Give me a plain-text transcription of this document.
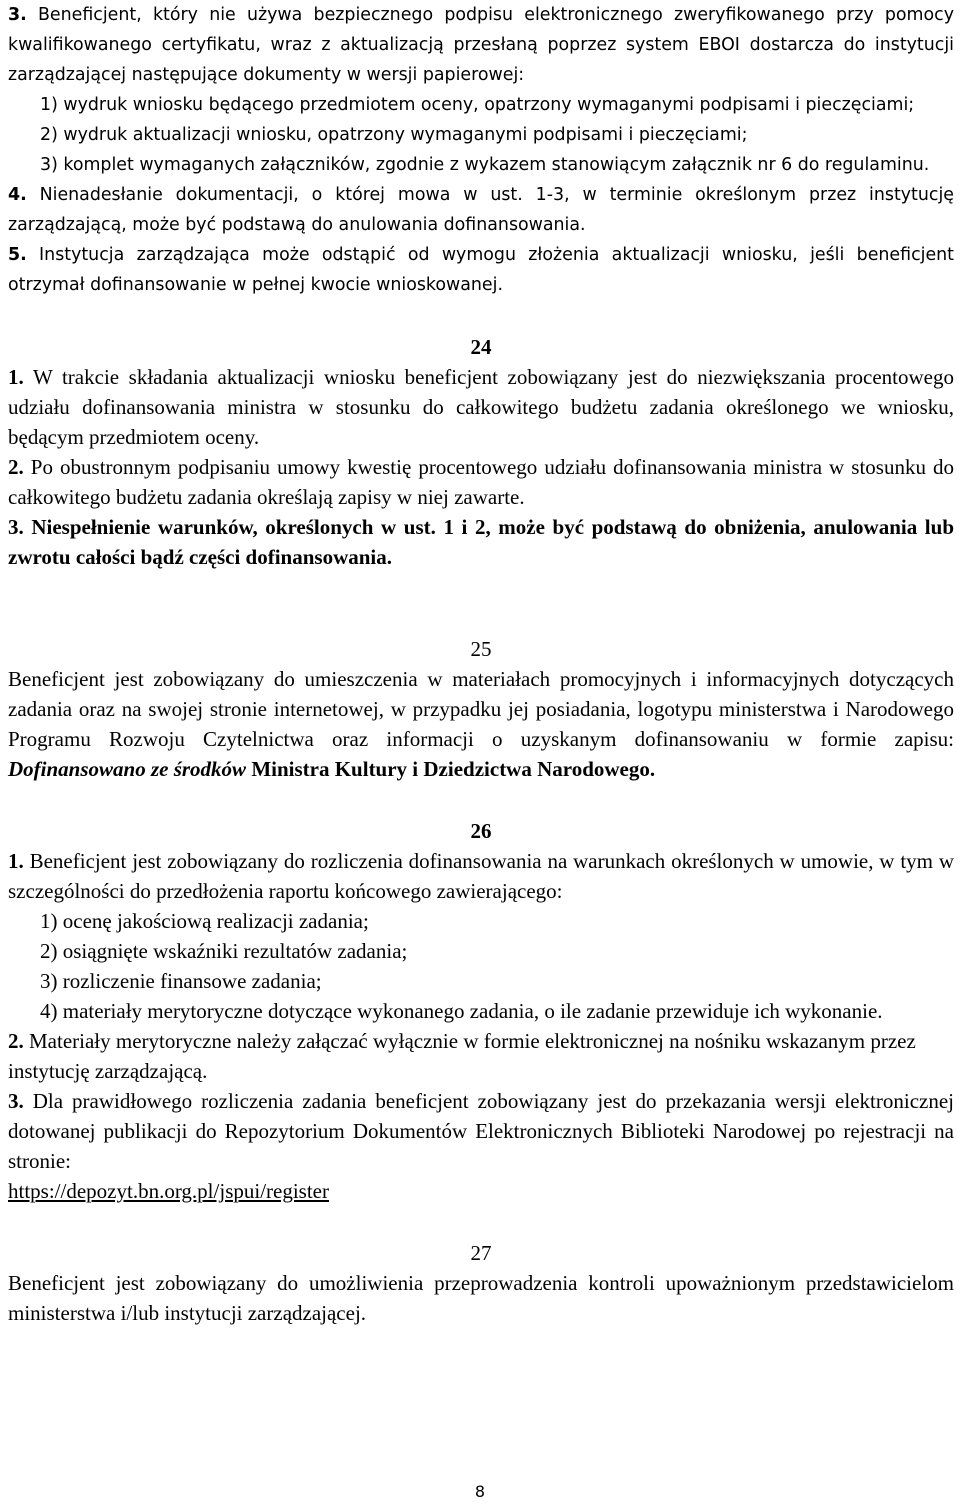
3. Beneficjent, który nie używa bezpiecznego podpisu elektronicznego zweryfikowanego przy pomocy kwalifikowanego certyfikatu, wraz z aktualizacją przesłaną poprzez system EBOI dostarcza do instytucji zarządzającej następujące dokumenty w wersji papierowej:

1) wydruk wniosku będącego przedmiotem oceny, opatrzony wymaganymi podpisami i pieczęciami;

2) wydruk aktualizacji wniosku, opatrzony wymaganymi podpisami i pieczęciami;

3) komplet wymaganych załączników, zgodnie z wykazem stanowiącym załącznik nr 6 do regulaminu.

4. Nienadesłanie dokumentacji, o której mowa w ust. 1-3, w terminie określonym przez instytucję zarządzającą, może być podstawą do anulowania dofinansowania.

5. Instytucja zarządzająca może odstąpić od wymogu złożenia aktualizacji wniosku, jeśli beneficjent otrzymał dofinansowanie w pełnej kwocie wnioskowanej.

24

1. W trakcie składania aktualizacji wniosku beneficjent zobowiązany jest do niezwiększania procentowego udziału dofinansowania ministra w stosunku do całkowitego budżetu zadania określonego we wniosku, będącym przedmiotem oceny.

2. Po obustronnym podpisaniu umowy kwestię procentowego udziału dofinansowania ministra w stosunku do całkowitego budżetu zadania określają zapisy w niej zawarte.

3. Niespełnienie warunków, określonych w ust. 1 i 2, może być podstawą do obniżenia, anulowania lub zwrotu całości bądź części dofinansowania.

25

Beneficjent jest zobowiązany do umieszczenia w materiałach promocyjnych i informacyjnych dotyczących zadania oraz na swojej stronie internetowej, w przypadku jej posiadania, logotypu ministerstwa i Narodowego Programu Rozwoju Czytelnictwa oraz informacji o uzyskanym dofinansowaniu w formie zapisu: Dofinansowano ze środków Ministra Kultury i Dziedzictwa Narodowego.

26

1. Beneficjent jest zobowiązany do rozliczenia dofinansowania na warunkach określonych w umowie, w tym w szczególności do przedłożenia raportu końcowego zawierającego:

1) ocenę jakościową realizacji zadania;

2) osiągnięte wskaźniki rezultatów zadania;

3) rozliczenie finansowe zadania;

4) materiały merytoryczne dotyczące wykonanego zadania, o ile zadanie przewiduje ich wykonanie.

2. Materiały merytoryczne należy załączać wyłącznie w formie elektronicznej na nośniku wskazanym przez instytucję zarządzającą.

3. Dla prawidłowego rozliczenia zadania beneficjent zobowiązany jest do przekazania wersji elektronicznej dotowanej publikacji do Repozytorium Dokumentów Elektronicznych Biblioteki Narodowej po rejestracji na stronie:

https://depozyt.bn.org.pl/jspui/register

27

Beneficjent jest zobowiązany do umożliwienia przeprowadzenia kontroli upoważnionym przedstawicielom ministerstwa i/lub instytucji zarządzającej.

8
